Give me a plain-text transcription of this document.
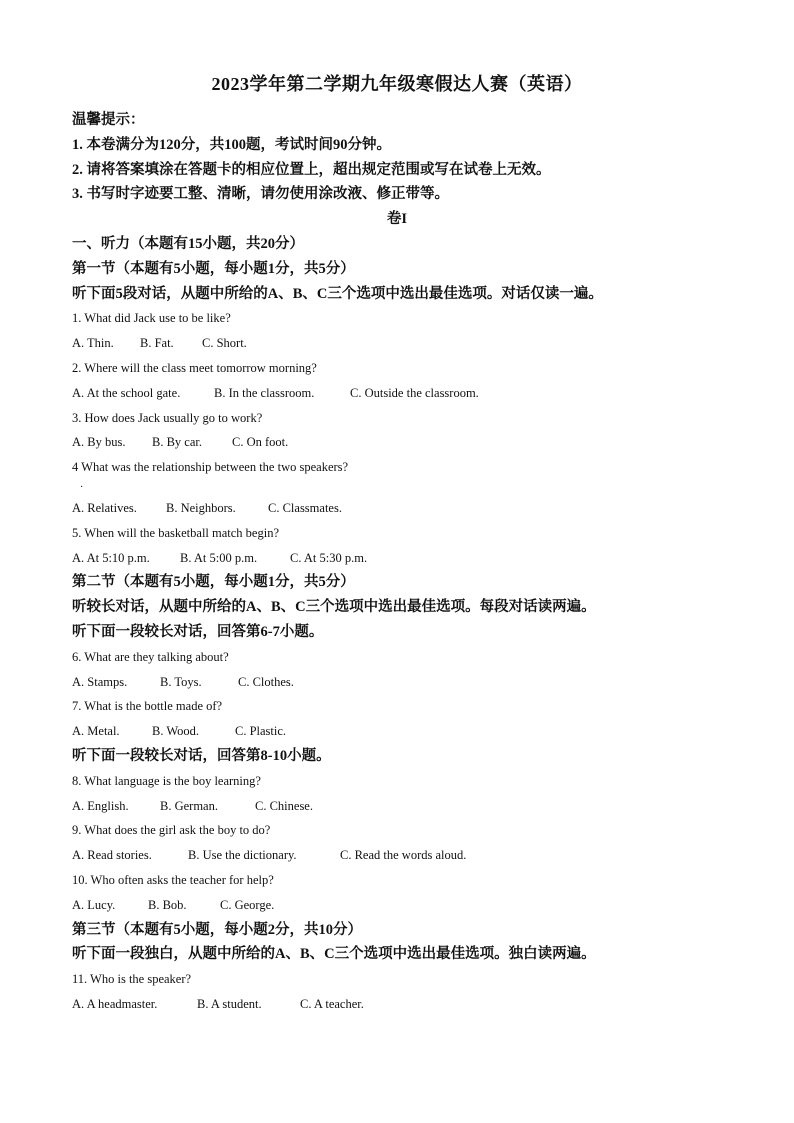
2023学年第二学期九年级寒假达人赛（英语）
温馨提示：
1. 本卷满分为120分，共100题，考试时间90分钟。
2. 请将答案填涂在答题卡的相应位置上，超出规定范围或写在试卷上无效。
3. 书写时字迹要工整、清晰，请勿使用涂改液、修正带等。
卷I
一、听力（本题有15小题，共20分）
第一节（本题有5小题，每小题1分，共5分）
听下面5段对话，从题中所给的A、B、C三个选项中选出最佳选项。对话仅读一遍。
1. What did Jack use to be like?
A. Thin.	B. Fat.	C. Short.
2. Where will the class meet tomorrow morning?
A. At the school gate.	B. In the classroom.	C. Outside the classroom.
3. How does Jack usually go to work?
A. By bus.	B. By car.	C. On foot.
4 What was the relationship between the two speakers?
·
A. Relatives.	B. Neighbors.	C. Classmates.
5. When will the basketball match begin?
A. At 5:10 p.m.	B. At 5:00 p.m.	C. At 5:30 p.m.
第二节（本题有5小题，每小题1分，共5分）
听较长对话，从题中所给的A、B、C三个选项中选出最佳选项。每段对话读两遍。
听下面一段较长对话，回答第6-7小题。
6. What are they talking about?
A. Stamps.	B. Toys.	C. Clothes.
7. What is the bottle made of?
A. Metal.	B. Wood.	C. Plastic.
听下面一段较长对话，回答第8-10小题。
8. What language is the boy learning?
A. English.	B. German.	C. Chinese.
9. What does the girl ask the boy to do?
A. Read stories.	B. Use the dictionary.	C. Read the words aloud.
10. Who often asks the teacher for help?
A. Lucy.	B. Bob.	C. George.
第三节（本题有5小题，每小题2分，共10分）
听下面一段独白，从题中所给的A、B、C三个选项中选出最佳选项。独白读两遍。
11. Who is the speaker?
A. A headmaster.	B. A student.	C. A teacher.
